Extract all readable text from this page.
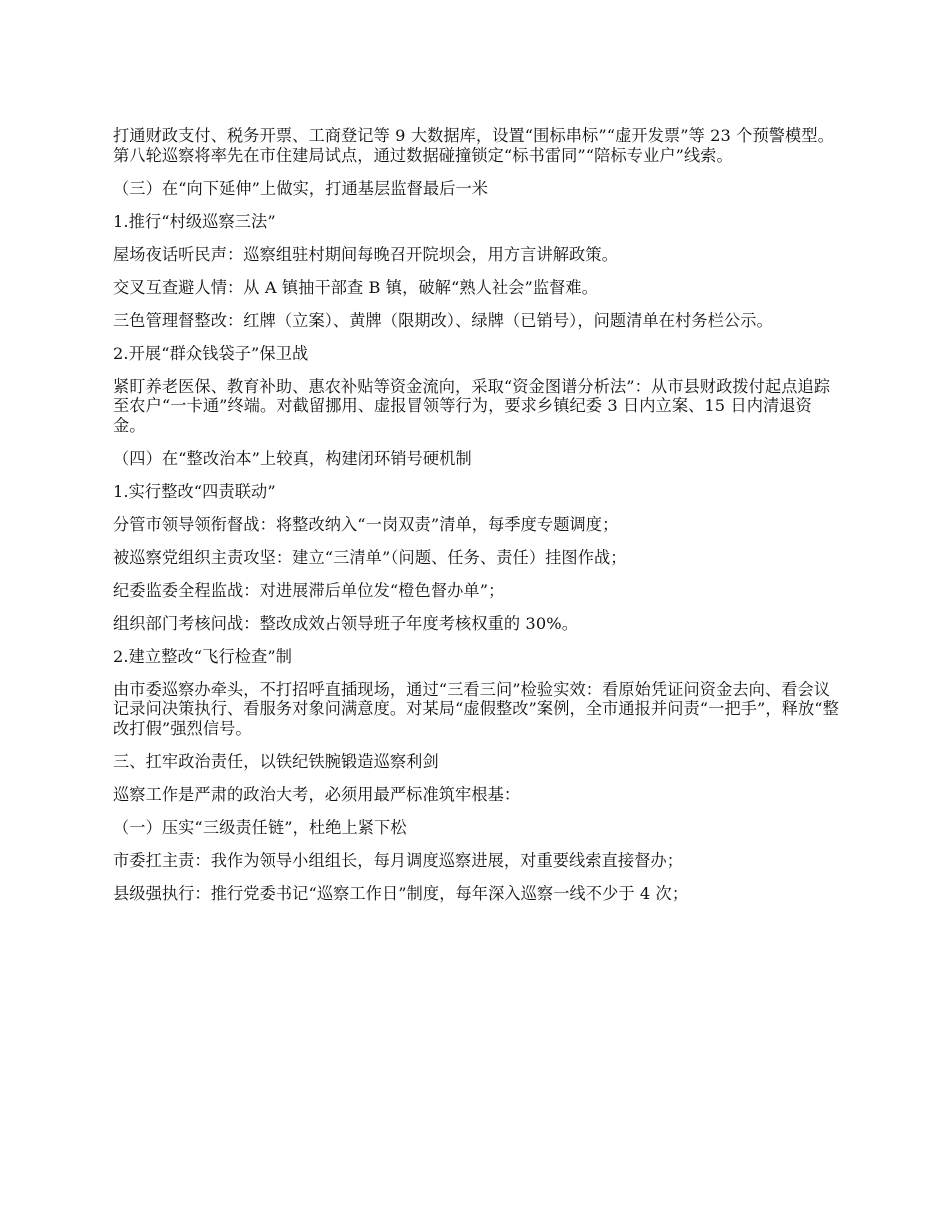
打通财政支付、税务开票、工商登记等 9 大数据库，设置“围标串标”“虚开发票”等 23 个预警模型。第八轮巡察将率先在市住建局试点，通过数据碰撞锁定“标书雷同”“陪标专业户”线索。

（三）在“向下延伸”上做实，打通基层监督最后一米

1.推行“村级巡察三法”

屋场夜话听民声：巡察组驻村期间每晚召开院坝会，用方言讲解政策。

交叉互查避人情：从 A 镇抽干部查 B 镇，破解“熟人社会”监督难。

三色管理督整改：红牌（立案）、黄牌（限期改）、绿牌（已销号），问题清单在村务栏公示。

2.开展“群众钱袋子”保卫战

紧盯养老医保、教育补助、惠农补贴等资金流向，采取“资金图谱分析法”：从市县财政拨付起点追踪至农户“一卡通”终端。对截留挪用、虚报冒领等行为，要求乡镇纪委 3 日内立案、15 日内清退资金。

（四）在“整改治本”上较真，构建闭环销号硬机制

1.实行整改“四责联动”

分管市领导领衔督战：将整改纳入“一岗双责”清单，每季度专题调度；

被巡察党组织主责攻坚：建立“三清单”（问题、任务、责任）挂图作战；

纪委监委全程监战：对进展滞后单位发“橙色督办单”；

组织部门考核问战：整改成效占领导班子年度考核权重的 30%。

2.建立整改“飞行检查”制

由市委巡察办牵头，不打招呼直插现场，通过“三看三问”检验实效：看原始凭证问资金去向、看会议记录问决策执行、看服务对象问满意度。对某局“虚假整改”案例，全市通报并问责“一把手”，释放“整改打假”强烈信号。

三、扛牢政治责任，以铁纪铁腕锻造巡察利剑

巡察工作是严肃的政治大考，必须用最严标准筑牢根基：

（一）压实“三级责任链”，杜绝上紧下松

市委扛主责：我作为领导小组组长，每月调度巡察进展，对重要线索直接督办；

县级强执行：推行党委书记“巡察工作日”制度，每年深入巡察一线不少于 4 次；
